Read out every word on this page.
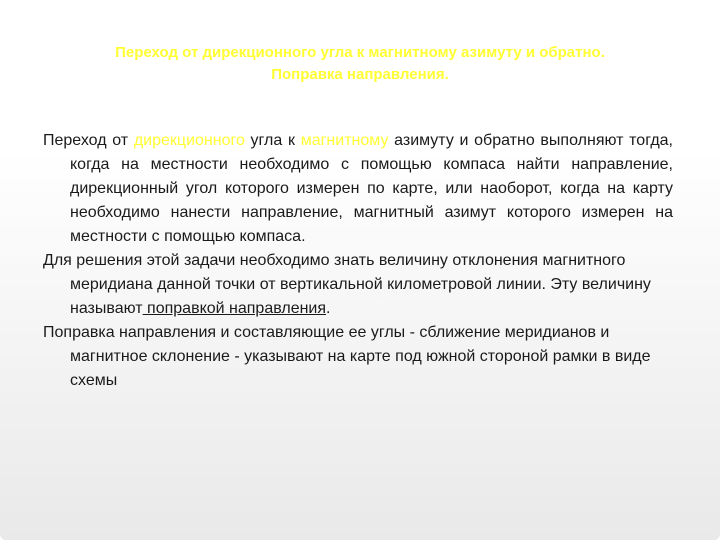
Переход от дирекционного угла к магнитному азимуту и обратно.
Поправка направления.

Переход от дирекционного угла к магнитному азимуту и обратно выполняют тогда, когда на местности необходимо с помощью компаса найти направление, дирекционный угол которого измерен по карте, или наоборот, когда на карту необходимо нанести направление, магнитный азимут которого измерен на местности с помощью компаса.

Для решения этой задачи необходимо знать величину отклонения магнитного меридиана данной точки от вертикальной километровой линии. Эту величину называют поправкой направления.

Поправка направления и составляющие ее углы - сближение меридианов и магнитное склонение - указывают на карте под южной стороной рамки в виде схемы
